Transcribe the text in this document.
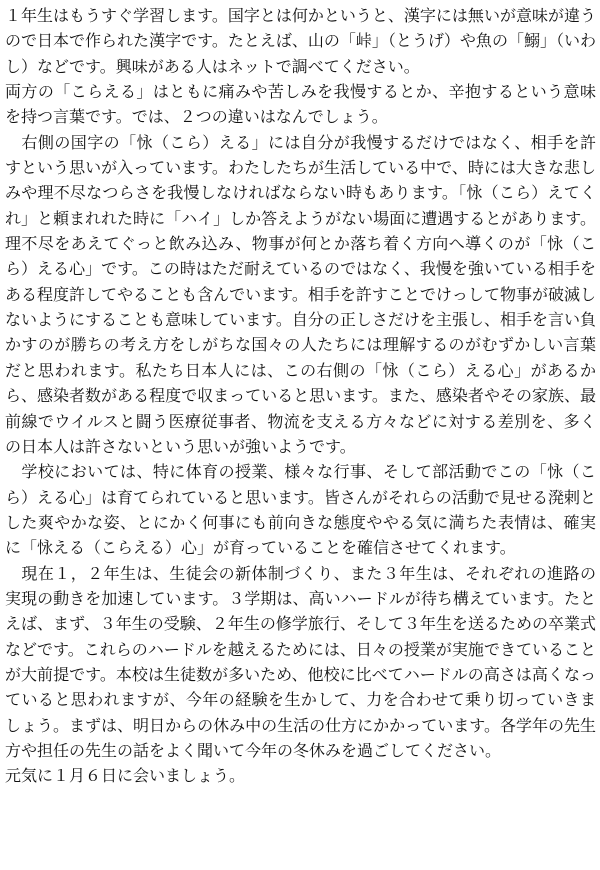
１年生はもうすぐ学習します。国字とは何かというと、漢字には無いが意味が違うので日本で作られた漢字です。たとえば、山の「峠」（とうげ）や魚の「鰯」（いわし）などです。興味がある人はネットで調べてください。

両方の「こらえる」はともに痛みや苦しみを我慢するとか、辛抱するという意味を持つ言葉です。では、２つの違いはなんでしょう。

　右側の国字の「怺（こら）える」には自分が我慢するだけではなく、相手を許すという思いが入っています。わたしたちが生活している中で、時には大きな悲しみや理不尽なつらさを我慢しなければならない時もあります。「怺（こら）えてくれ」と頼まれれた時に「ハイ」しか答えようがない場面に遭遇するとがあります。理不尽をあえてぐっと飲み込み、物事が何とか落ち着く方向へ導くのが「怺（こら）える心」です。この時はただ耐えているのではなく、我慢を強いている相手をある程度許してやることも含んでいます。相手を許すことでけっして物事が破滅しないようにすることも意味しています。自分の正しさだけを主張し、相手を言い負かすのが勝ちの考え方をしがちな国々の人たちには理解するのがむずかしい言葉だと思われます。私たち日本人には、この右側の「怺（こら）える心」があるから、感染者数がある程度で収まっていると思います。また、感染者やその家族、最前線でウイルスと闘う医療従事者、物流を支える方々などに対する差別を、多くの日本人は許さないという思いが強いようです。

　学校においては、特に体育の授業、様々な行事、そして部活動でこの「怺（こら）える心」は育てられていると思います。皆さんがそれらの活動で見せる溌剌とした爽やかな姿、とにかく何事にも前向きな態度ややる気に満ちた表情は、確実に「怺える（こらえる）心」が育っていることを確信させてくれます。

　現在１，２年生は、生徒会の新体制づくり、また３年生は、それぞれの進路の実現の動きを加速しています。３学期は、高いハードルが待ち構えています。たとえば、まず、３年生の受験、２年生の修学旅行、そして３年生を送るための卒業式などです。これらのハードルを越えるためには、日々の授業が実施できていることが大前提です。本校は生徒数が多いため、他校に比べてハードルの高さは高くなっていると思われますが、今年の経験を生かして、力を合わせて乗り切っていきましょう。まずは、明日からの休み中の生活の仕方にかかっています。各学年の先生方や担任の先生の話をよく聞いて今年の冬休みを過ごしてください。

元気に１月６日に会いましょう。
